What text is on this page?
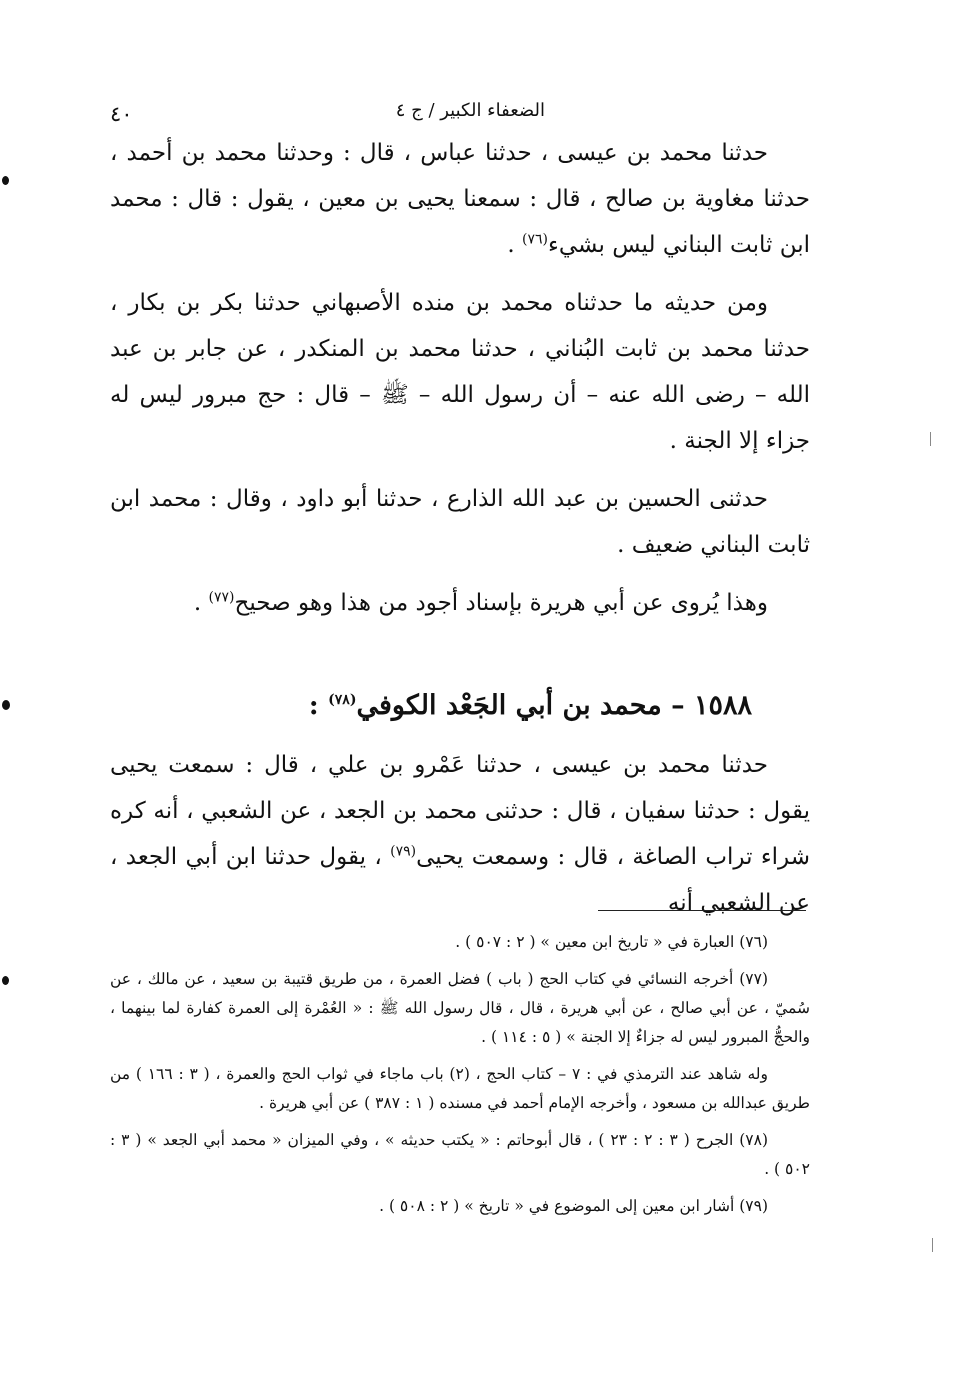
الضعفاء الكبير / ج ٤
٤٠

حدثنا محمد بن عيسى ، حدثنا عباس ، قال : وحدثنا محمد بن أحمد ، حدثنا مغاوية بن صالح ، قال : سمعنا يحيى بن معين ، يقول : قال : محمد ابن ثابت البناني ليس بشيء$^{(٧٦)}$ .

ومن حديثه ما حدثناه محمد بن منده الأصبهاني حدثنا بكر بن بكار ، حدثنا محمد بن ثابت البُناني ، حدثنا محمد بن المنكدر ، عن جابر بن عبد الله – رضى الله عنه – أن رسول الله – ﷺ – قال : حج مبرور ليس له جزاء إلا الجنة .

حدثنى الحسين بن عبد الله الذارع ، حدثنا أبو داود ، وقال : محمد ابن ثابت البناني ضعيف .

وهذا يُروى عن أبي هريرة بإسناد أجود من هذا وهو صحيح$^{(٧٧)}$ .

١٥٨٨ – محمد بن أبي الجَعْد الكوفي$^{(٧٨)}$ :

حدثنا محمد بن عيسى ، حدثنا عَمْرو بن علي ، قال : سمعت يحيى يقول : حدثنا سفيان ، قال : حدثنى محمد بن الجعد ، عن الشعبي ، أنه كره شراء تراب الصاغة ، قال : وسمعت يحيى$^{(٧٩)}$ ، يقول حدثنا ابن أبي الجعد ، عن الشعبي أنه

(٧٦) العبارة في « تاريخ ابن معين » ( ٢ : ٥٠٧ ) .

(٧٧) أخرجه النسائي في كتاب الحج ( باب ) فضل العمرة ، من طريق قتيبة بن سعيد ، عن مالك ، عن سُميّ ، عن أبي صالح ، عن أبي هريرة ، قال ، قال رسول الله ﷺ : « العُمْرة إلى العمرة كفارة لما بينهما ، والحجُّ المبرور ليس له جزاءٌ إلا الجنة » ( ٥ : ١١٤ ) .

وله شاهد عند الترمذي في : ٧ – كتاب الحج ، (٢) باب ماجاء في ثواب الحج والعمرة ، ( ٣ : ١٦٦ ) من طريق عبدالله بن مسعود ، وأخرجه الإمام أحمد في مسنده ( ١ : ٣٨٧ ) عن أبي هريرة .

(٧٨) الجرح ( ٣ : ٢ : ٢٣ ) ، قال أبوحاتم : « يكتب حديثه » ، وفي الميزان « محمد أبي الجعد » ( ٣ : ٥٠٢ ) .

(٧٩) أشار ابن معين إلى الموضوع في « تاريخ » ( ٢ : ٥٠٨ ) .
